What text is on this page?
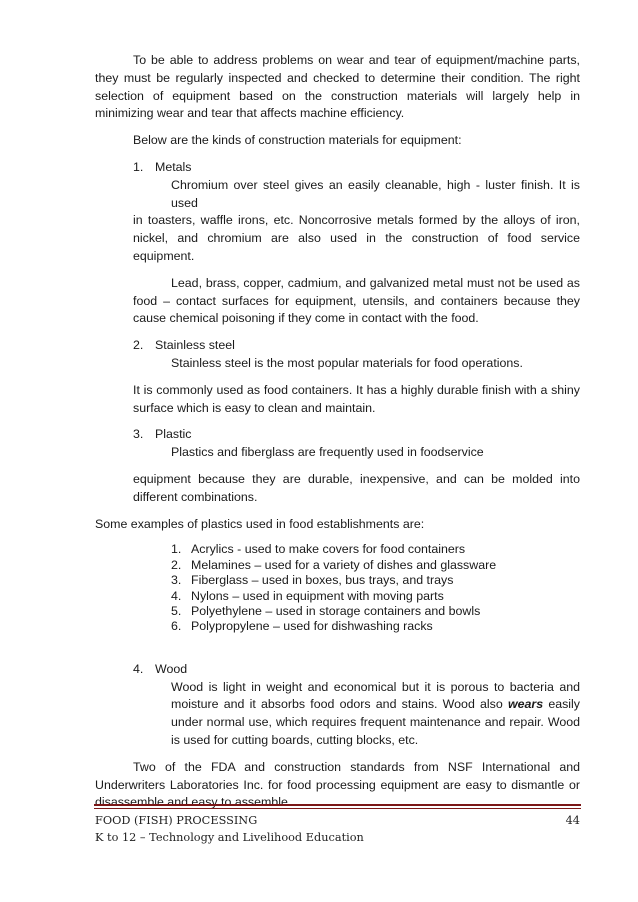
To be able to address problems on wear and tear of equipment/machine parts, they must be regularly inspected and checked to determine their condition. The right selection of equipment based on the construction materials will largely help in minimizing wear and tear that affects machine efficiency.

Below are the kinds of construction materials for equipment:

1. Metals

Chromium over steel gives an easily cleanable, high - luster finish. It is used

in toasters, waffle irons, etc. Noncorrosive metals formed by the alloys of iron, nickel, and chromium are also used in the construction of food service equipment.

Lead, brass, copper, cadmium, and galvanized metal must not be used as food – contact surfaces for equipment, utensils, and containers because they cause chemical poisoning if they come in contact with the food.

2. Stainless steel

Stainless steel is the most popular materials for food operations.

It is commonly used as food containers. It has a highly durable finish with a shiny surface which is easy to clean and maintain.

3. Plastic

Plastics and fiberglass are frequently used in foodservice

equipment because they are durable, inexpensive, and can be molded into different combinations.

Some examples of plastics used in food establishments are:

1. Acrylics - used to make covers for food containers
2. Melamines – used for a variety of dishes and glassware
3. Fiberglass – used in boxes, bus trays, and trays
4. Nylons – used in equipment with moving parts
5. Polyethylene – used in storage containers and bowls
6. Polypropylene – used for dishwashing racks
4. Wood

Wood is light in weight and economical but it is porous to bacteria and moisture and it absorbs food odors and stains. Wood also wears easily under normal use, which requires frequent maintenance and repair. Wood is used for cutting boards, cutting blocks, etc.

Two of the FDA and construction standards from NSF International and Underwriters Laboratories Inc. for food processing equipment are easy to dismantle or disassemble and easy to assemble.

FOOD (FISH) PROCESSING
K to 12 – Technology and Livelihood Education
44
